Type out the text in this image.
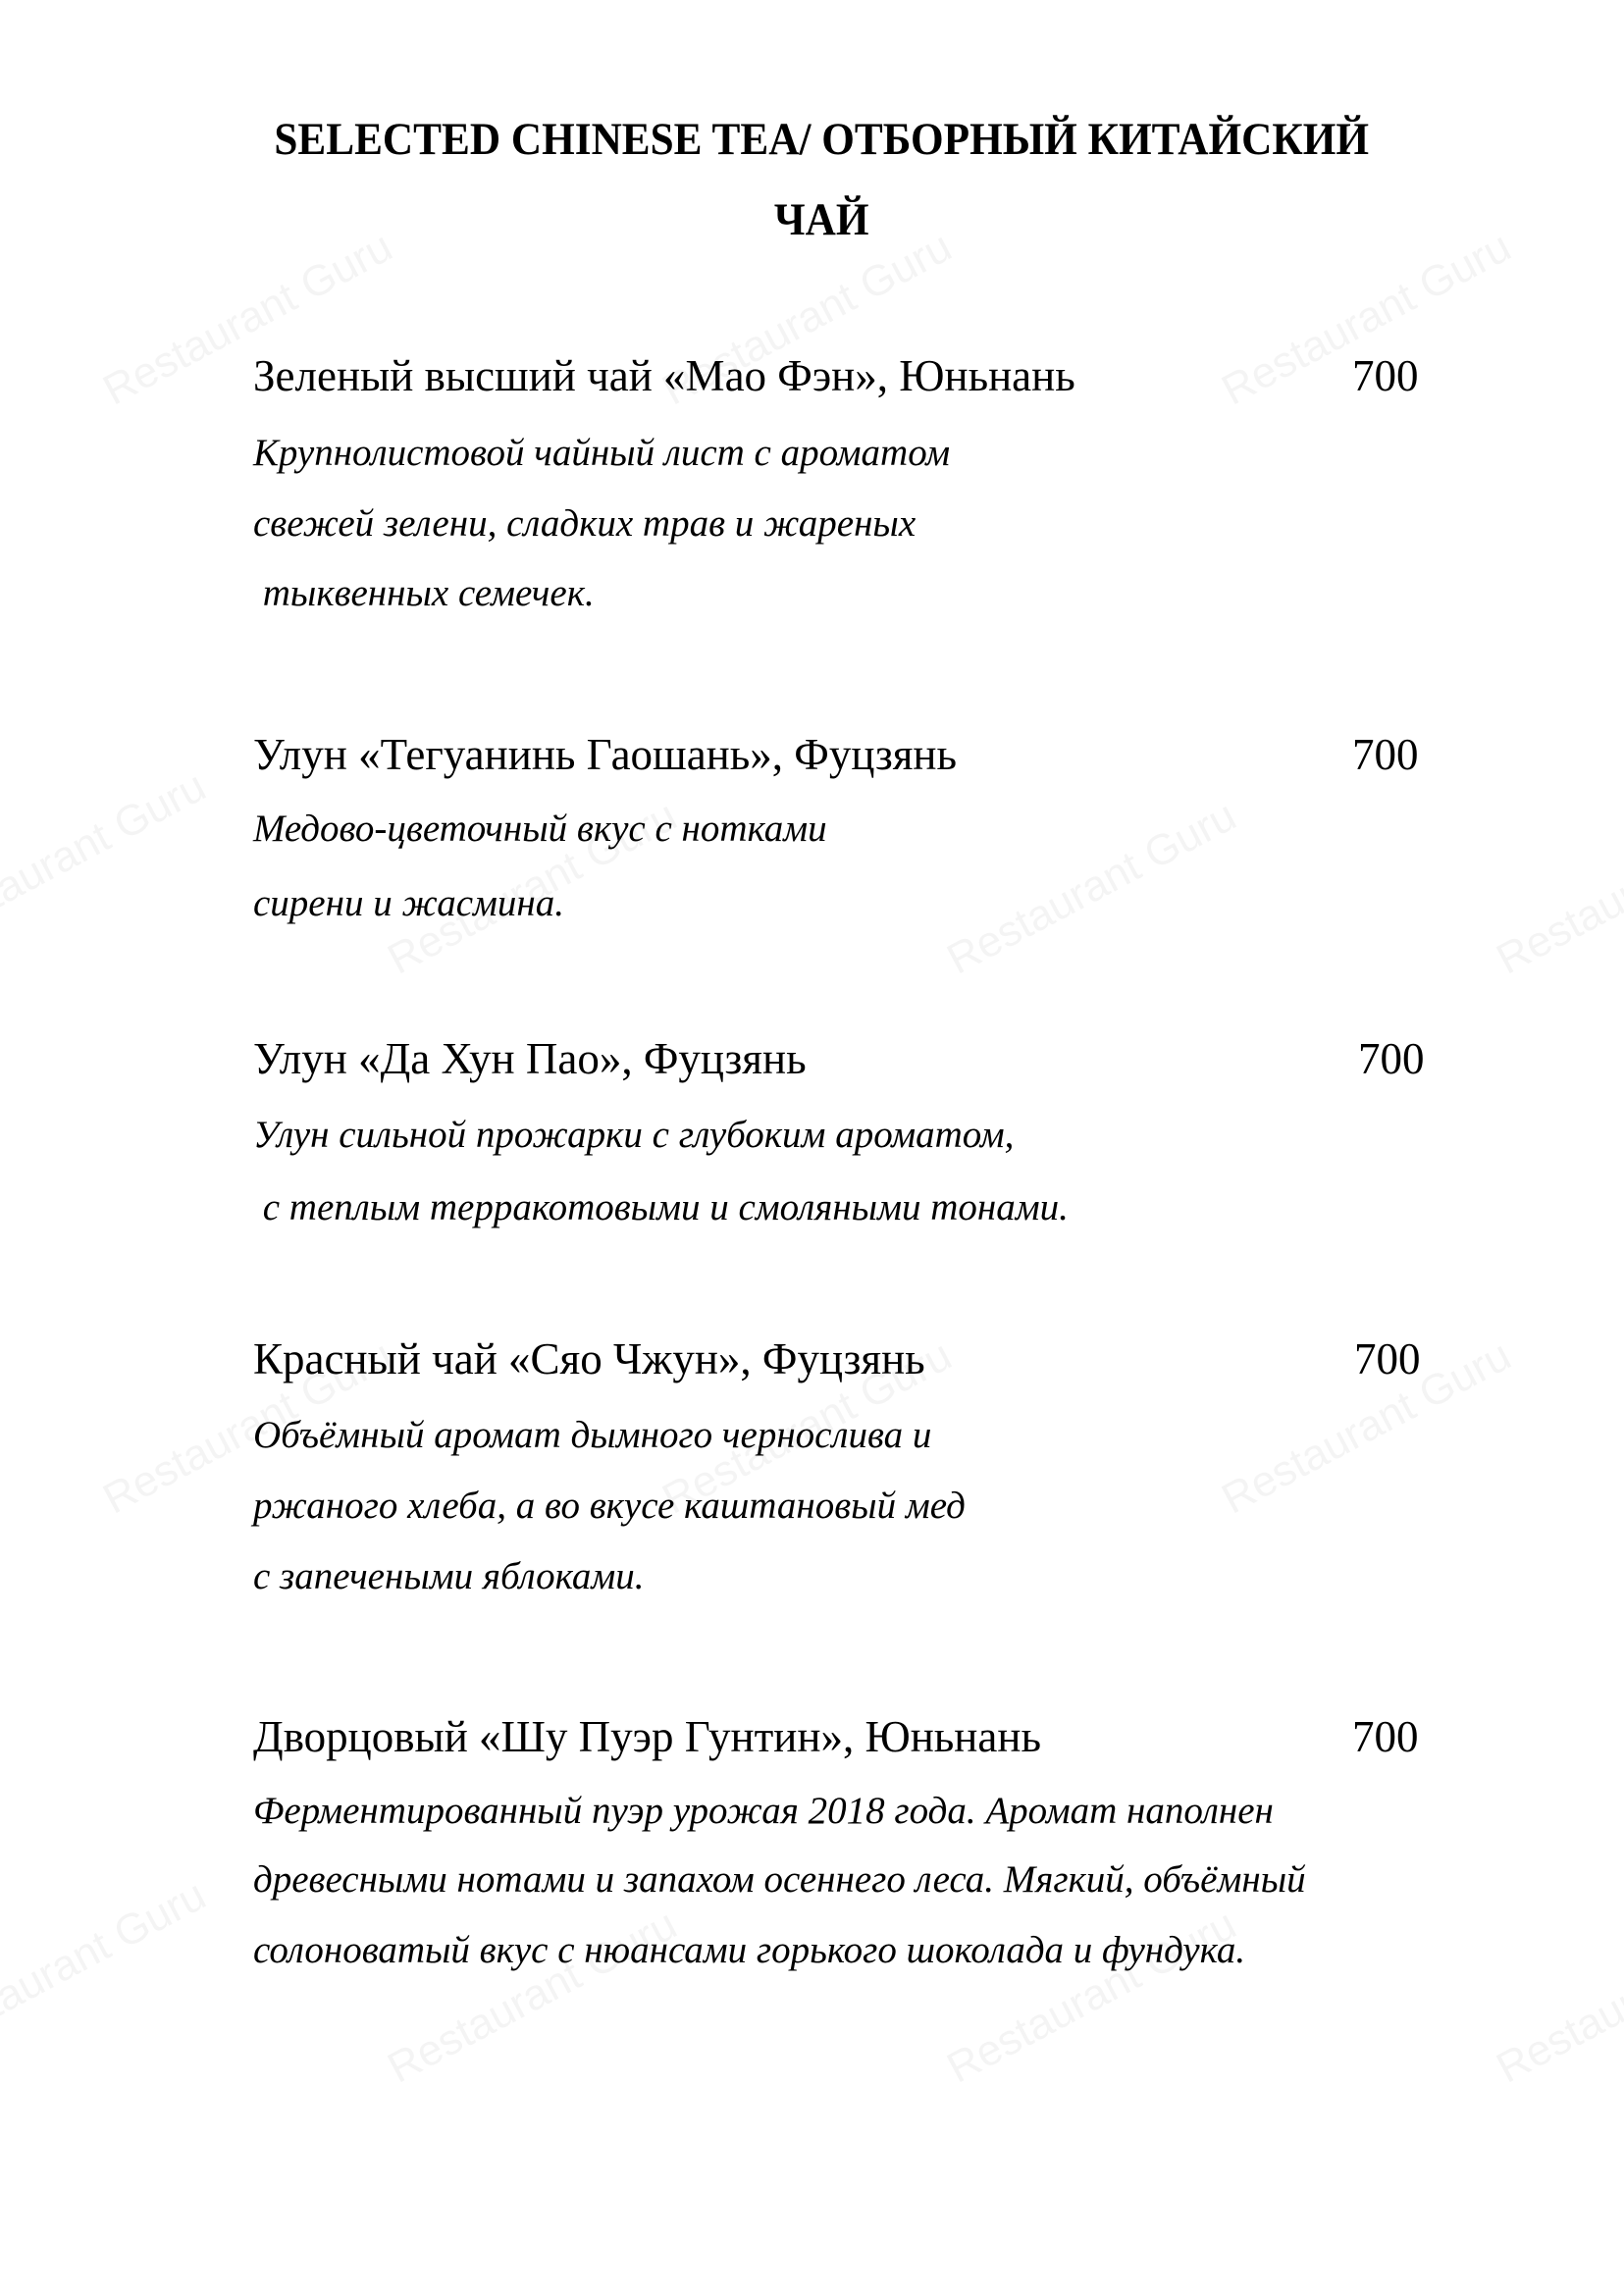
SELECTED CHINESE TEA/ ОТБОРНЫЙ КИТАЙСКИЙ
ЧАЙ
Зеленый высший чай «Мао Фэн», Юньнань	700
Крупнолистовой чайный лист с ароматом
свежей зелени, сладких трав и жареных
тыквенных семечек.
Улун «Тегуанинь Гаошань», Фуцзянь	700
Медово-цветочный вкус с нотками
сирени и жасмина.
Улун «Да Хун Пао», Фуцзянь	700
Улун сильной прожарки с глубоким ароматом,
с теплым терракотовыми и смоляными тонами.
Красный чай «Сяо Чжун», Фуцзянь	700
Объёмный аромат дымного чернослива и
ржаного хлеба, а во вкусе каштановый мед
с запечеными яблоками.
Дворцовый «Шу Пуэр Гунтин», Юньнань	700
Ферментированный пуэр урожая 2018 года. Аромат наполнен
древесными нотами и запахом осеннего леса. Мягкий, объёмный
солоноватый вкус с нюансами горького шоколада и фундука.
